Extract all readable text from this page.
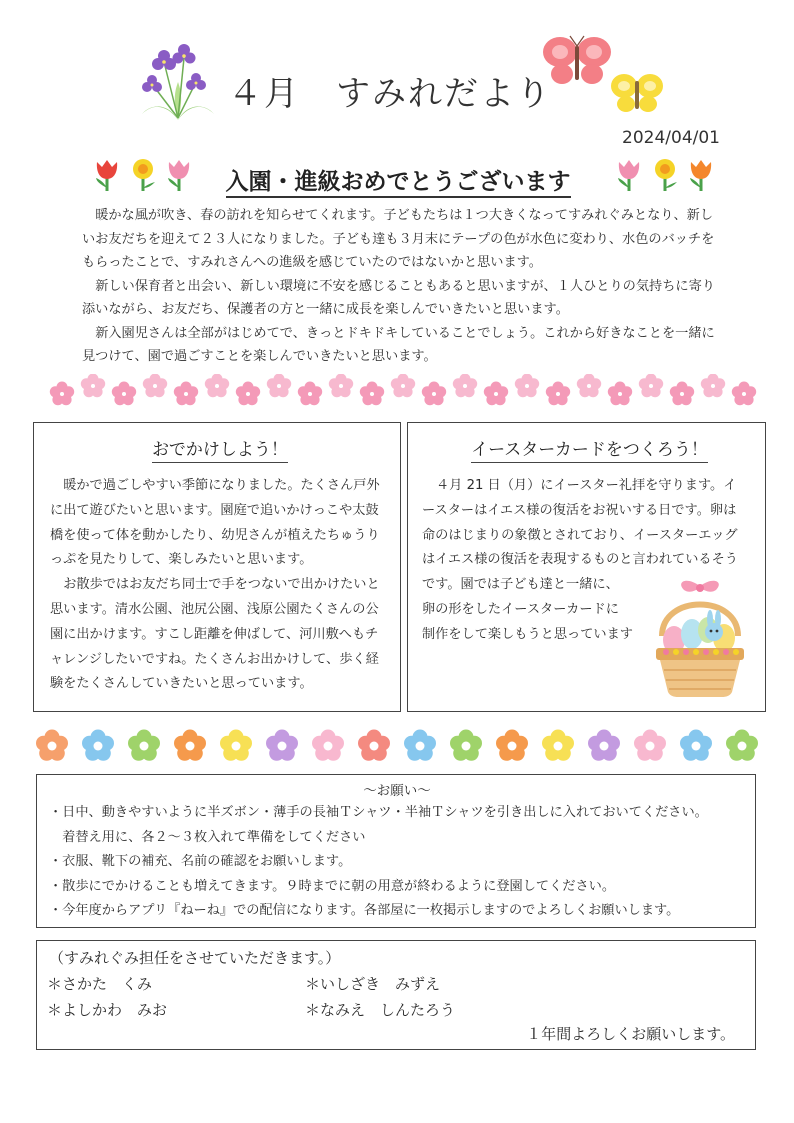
４月　すみれだより
2024/04/01
入園・進級おめでとうございます

暖かな風が吹き、春の訪れを知らせてくれます。子どもたちは１つ大きくなってすみれぐみとなり、新しいお友だちを迎えて２３人になりました。子ども達も３月末にテープの色が水色に変わり、水色のバッチをもらったことで、すみれさんへの進級を感じていたのではないかと思います。

新しい保育者と出会い、新しい環境に不安を感じることもあると思いますが、１人ひとりの気持ちに寄り添いながら、お友だち、保護者の方と一緒に成長を楽しんでいきたいと思います。

新入園児さんは全部がはじめてで、きっとドキドキしていることでしょう。これから好きなことを一緒に見つけて、園で過ごすことを楽しんでいきたいと思います。

おでかけしよう！

暖かで過ごしやすい季節になりました。たくさん戸外に出て遊びたいと思います。園庭で追いかけっこや太鼓橋を使って体を動かしたり、幼児さんが植えたちゅうりっぷを見たりして、楽しみたいと思います。

お散歩ではお友だち同士で手をつないで出かけたいと思います。清水公園、池尻公園、浅原公園たくさんの公園に出かけます。すこし距離を伸ばして、河川敷へもチャレンジしたいですね。たくさんお出かけして、歩く経験をたくさんしていきたいと思っています。

イースターカードをつくろう！

４月 21 日（月）にイースター礼拝を守ります。イ

ースターはイエス様の復活をお祝いする日です。卵は

命のはじまりの象徴とされており、イースターエッグ

はイエス様の復活を表現するものと言われているそう

です。園では子ども達と一緒に、

卵の形をしたイースターカードに

制作をして楽しもうと思っています

～お願い～

・日中、動きやすいように半ズボン・薄手の長袖Ｔシャツ・半袖Ｔシャツを引き出しに入れておいてください。

　着替え用に、各２～３枚入れて準備をしてください

・衣服、靴下の補充、名前の確認をお願いします。

・散歩にでかけることも増えてきます。９時までに朝の用意が終わるように登園してください。

・今年度からアプリ『ねーね』での配信になります。各部屋に一枚掲示しますのでよろしくお願いします。

（すみれぐみ担任をさせていただきます。）
＊さかた　くみ	＊いしざき　みずえ
＊よしかわ　みお	＊なみえ　しんたろう
１年間よろしくお願いします。
